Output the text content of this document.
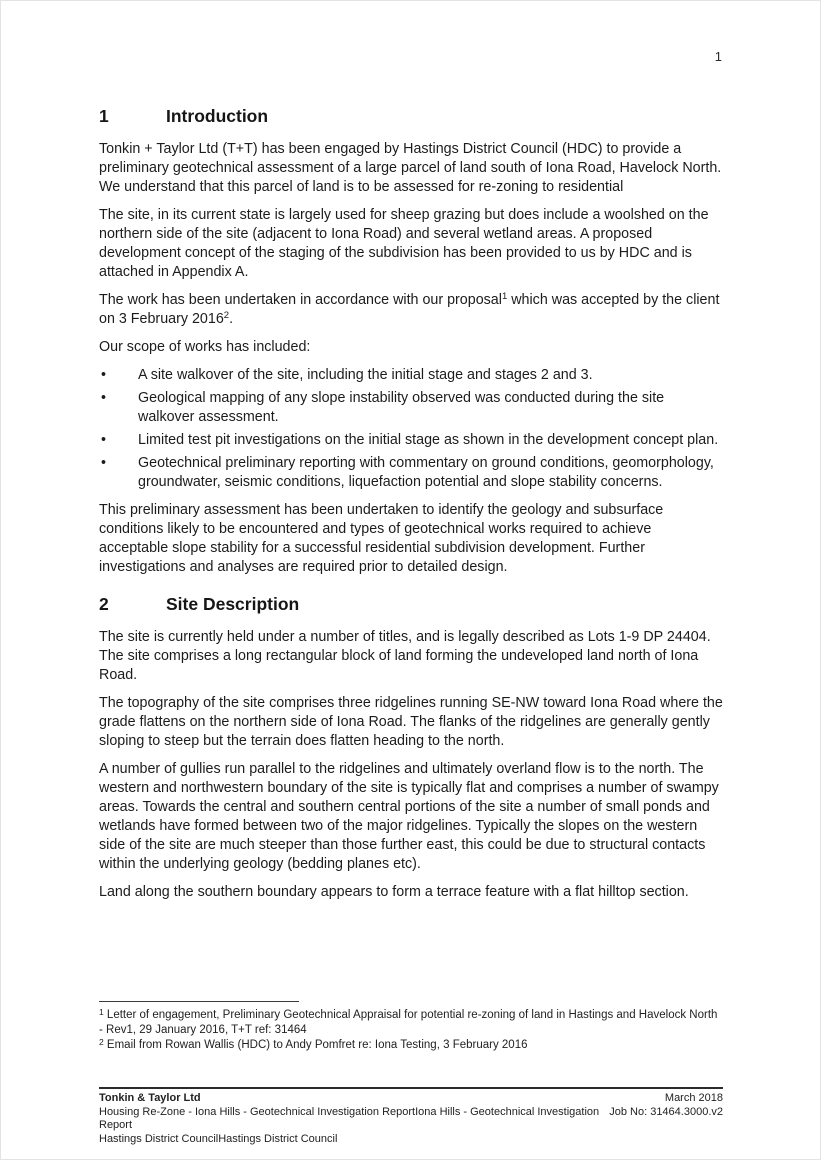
1
1	Introduction

Tonkin + Taylor Ltd (T+T) has been engaged by Hastings District Council (HDC) to provide a preliminary geotechnical assessment of a large parcel of land south of Iona Road, Havelock North. We understand that this parcel of land is to be assessed for re-zoning to residential

The site, in its current state is largely used for sheep grazing but does include a woolshed on the northern side of the site (adjacent to Iona Road) and several wetland areas. A proposed development concept of the staging of the subdivision has been provided to us by HDC and is attached in Appendix A.

The work has been undertaken in accordance with our proposal$^1$ which was accepted by the client on 3 February 2016$^2$.

Our scope of works has included:

•	A site walkover of the site, including the initial stage and stages 2 and 3.
•	Geological mapping of any slope instability observed was conducted during the site walkover assessment.
•	Limited test pit investigations on the initial stage as shown in the development concept plan.
•	Geotechnical preliminary reporting with commentary on ground conditions, geomorphology, groundwater, seismic conditions, liquefaction potential and slope stability concerns.

This preliminary assessment has been undertaken to identify the geology and subsurface conditions likely to be encountered and types of geotechnical works required to achieve acceptable slope stability for a successful residential subdivision development. Further investigations and analyses are required prior to detailed design.

2	Site Description

The site is currently held under a number of titles, and is legally described as Lots 1-9 DP 24404. The site comprises a long rectangular block of land forming the undeveloped land north of Iona Road.

The topography of the site comprises three ridgelines running SE-NW toward Iona Road where the grade flattens on the northern side of Iona Road. The flanks of the ridgelines are generally gently sloping to steep but the terrain does flatten heading to the north.

A number of gullies run parallel to the ridgelines and ultimately overland flow is to the north. The western and northwestern boundary of the site is typically flat and comprises a number of swampy areas. Towards the central and southern central portions of the site a number of small ponds and wetlands have formed between two of the major ridgelines. Typically the slopes on the western side of the site are much steeper than those further east, this could be due to structural contacts within the underlying geology (bedding planes etc).

Land along the southern boundary appears to form a terrace feature with a flat hilltop section.

$^1$ Letter of engagement, Preliminary Geotechnical Appraisal for potential re-zoning of land in Hastings and Havelock North - Rev1, 29 January 2016, T+T ref: 31464
$^2$ Email from Rowan Wallis (HDC) to Andy Pomfret re: Iona Testing, 3 February 2016
Tonkin & Taylor Ltd
Housing Re-Zone - Iona Hills - Geotechnical Investigation ReportIona Hills - Geotechnical Investigation Report
Hastings District CouncilHastings District Council
March 2018
Job No: 31464.3000.v2
